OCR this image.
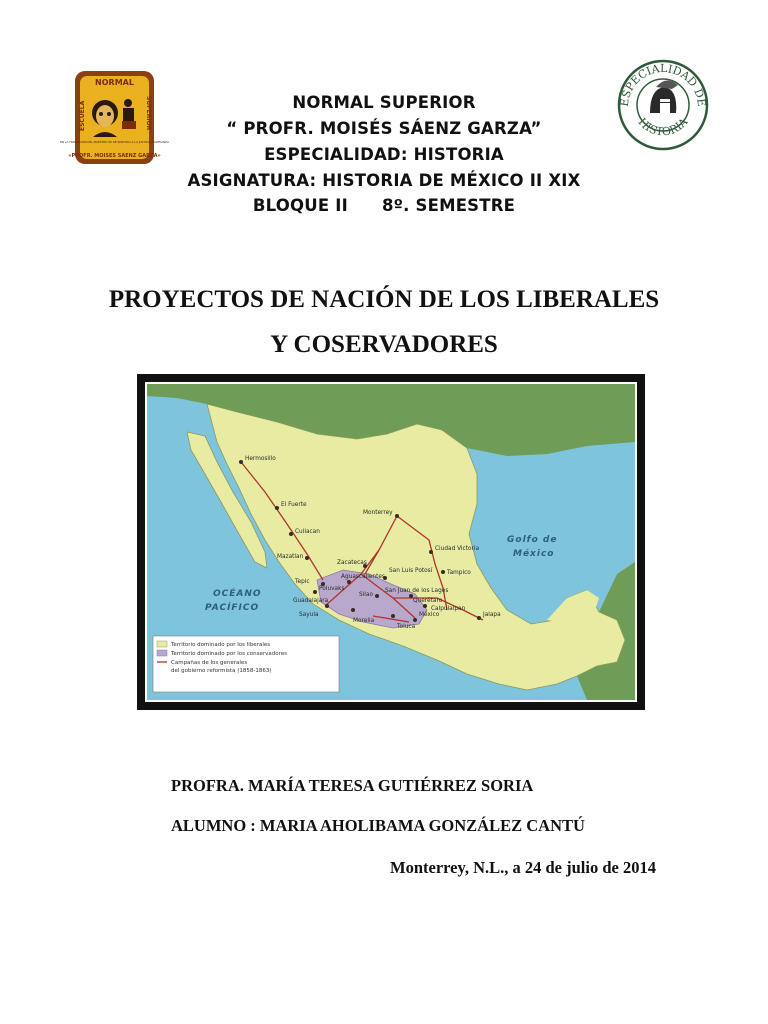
NORMAL
ESCUELA	SUPERIOR
EN LA FORMACIÓN DEL MAESTRO SE DE SERVICIO A LA JUSTICIA, CONFIANZA
«PROFR. MOISES SAENZ GARZA»
ESPECIALIDAD DE
HISTORIA
NORMAL SUPERIOR
“ PROFR. MOISÉS SÁENZ GARZA”
ESPECIALIDAD: HISTORIA
ASIGNATURA: HISTORIA DE MÉXICO II XIX
BLOQUE II 8º. SEMESTRE
PROYECTOS DE NACIÓN DE LOS LIBERALES
Y COSERVADORES
Hermosillo
El Fuerte
Culiacan
Mazatlan
Tepic
Guadalajara
Sayula
Monterrey
Ciudad Victoria
Tampico
Zacatecas
San Luis Potosí
Aguascalientes
Silao
San Juan de los Lagos
Querétaro
Calpulalpan
Morelia
México
Toluca
Jalapa
Poluvaks
OCÉANO
PACÍFICO
Golfo de
México
Territorio dominado por los liberales
Territorio dominado por los conservadores
Campañas de los generales
del gobierno reformista (1858-1863)
PROFRA. MARÍA TERESA GUTIÉRREZ SORIA
ALUMNO : MARIA AHOLIBAMA GONZÁLEZ CANTÚ
Monterrey, N.L., a 24 de julio de 2014
